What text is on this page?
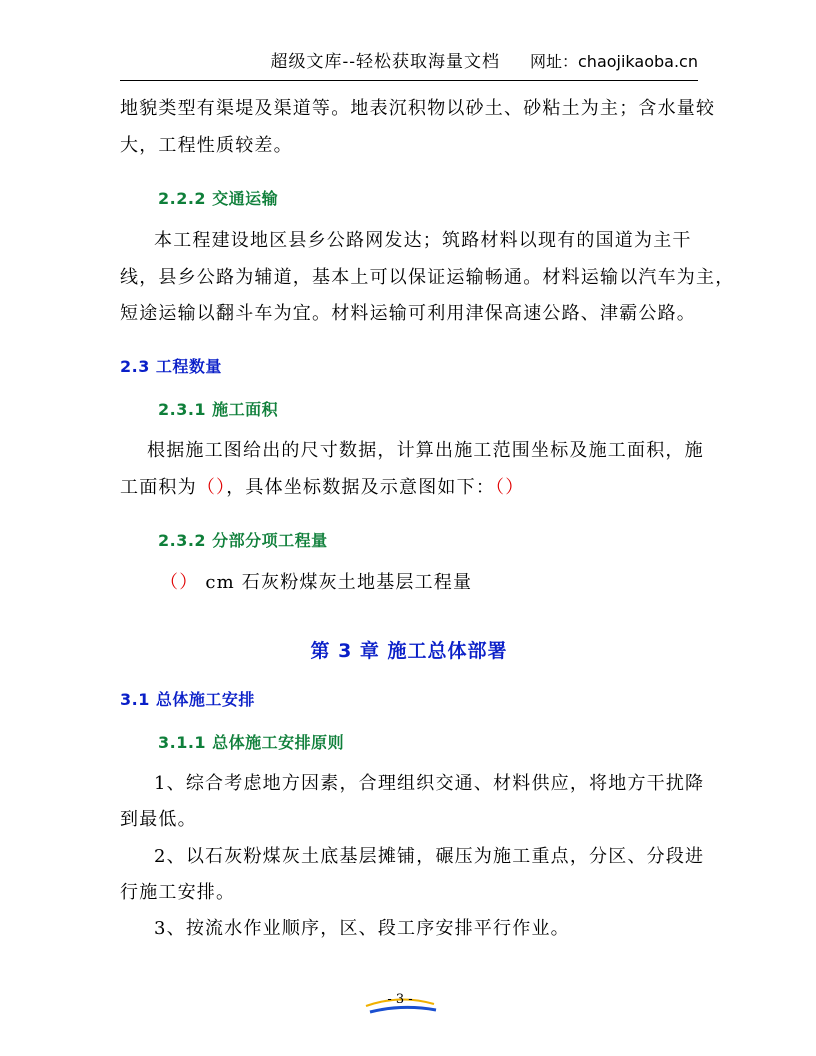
超级文库--轻松获取海量文档 网址：chaojikaoba.cn
地貌类型有渠堤及渠道等。地表沉积物以砂土、砂粘土为主；含水量较
大，工程性质较差。
2.2.2 交通运输
本工程建设地区县乡公路网发达；筑路材料以现有的国道为主干
线，县乡公路为辅道，基本上可以保证运输畅通。材料运输以汽车为主，
短途运输以翻斗车为宜。材料运输可利用津保高速公路、津霸公路。
2.3 工程数量
2.3.1 施工面积
根据施工图给出的尺寸数据，计算出施工范围坐标及施工面积，施
工面积为（），具体坐标数据及示意图如下：（）
2.3.2 分部分项工程量
（） cm 石灰粉煤灰土地基层工程量
第 3 章 施工总体部署
3.1 总体施工安排
3.1.1 总体施工安排原则
1、综合考虑地方因素，合理组织交通、材料供应，将地方干扰降
到最低。
2、以石灰粉煤灰土底基层摊铺，碾压为施工重点，分区、分段进
行施工安排。
3、按流水作业顺序，区、段工序安排平行作业。
- 3 -
